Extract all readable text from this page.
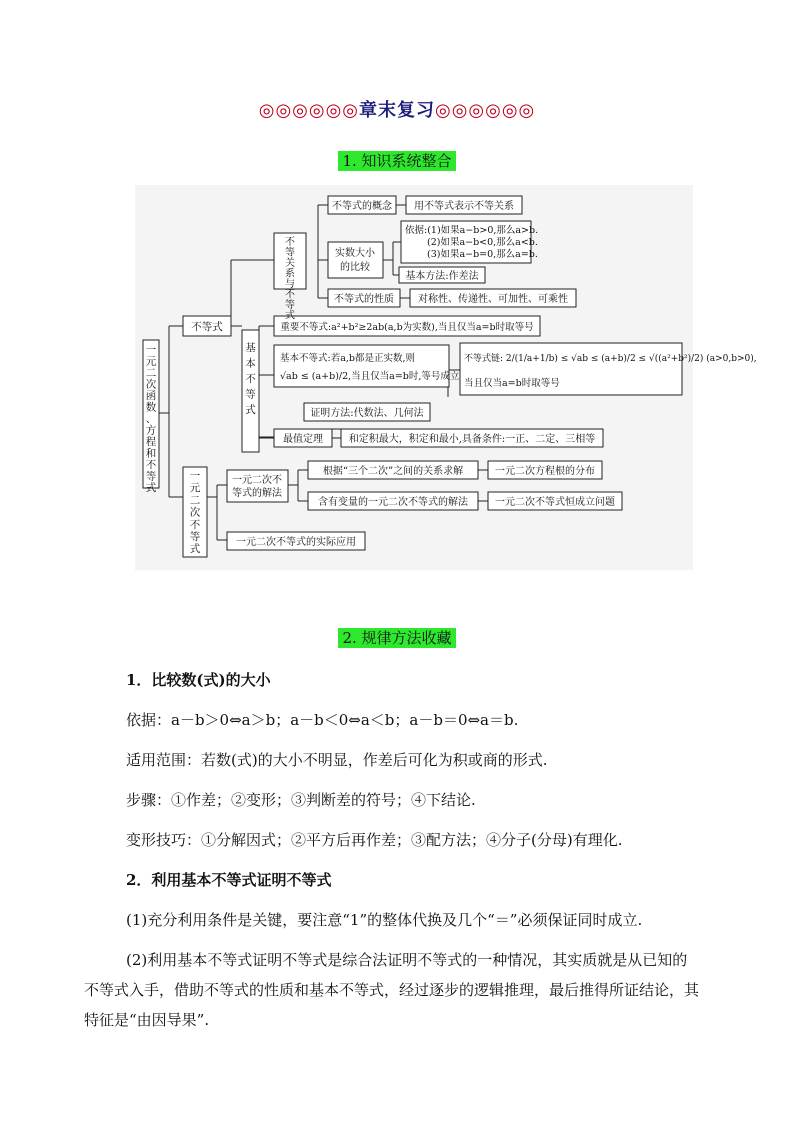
◎◎◎◎◎◎章末复习◎◎◎◎◎◎
1. 知识系统整合
一元二次函数、方程和不等式
不等关系与不等式
基本不等式
一元二次不等式
不等式
不等式的概念 用不等式表示不等关系
实数大小
的比较
依据:(1)如果a−b>0,那么a>b.
(2)如果a−b<0,那么a<b.
(3)如果a−b=0,那么a=b.
基本方法:作差法
不等式的性质 对称性、传递性、可加性、可乘性
重要不等式:a²+b²≥2ab(a,b为实数),当且仅当a=b时取等号
基本不等式:若a,b都是正实数,则
√ab ≤ (a+b)/2,当且仅当a=b时,等号成立
不等式链: 2/(1/a+1/b) ≤ √ab ≤ (a+b)/2 ≤ √((a²+b²)/2) (a>0,b>0),
当且仅当a=b时取等号
证明方法:代数法、几何法
最值定理	和定积最大，积定和最小,具备条件:一正、二定、三相等
一元二次不
等式的解法
根据“三个二次”之间的关系求解	一元二次方程根的分布
含有变量的一元二次不等式的解法	一元二次不等式恒成立问题
一元二次不等式的实际应用
2. 规律方法收藏
1．比较数(式)的大小
依据：a－b＞0⇔a＞b；a－b＜0⇔a＜b；a－b＝0⇔a＝b.
适用范围：若数(式)的大小不明显，作差后可化为积或商的形式.
步骤：①作差；②变形；③判断差的符号；④下结论.
变形技巧：①分解因式；②平方后再作差；③配方法；④分子(分母)有理化.
2．利用基本不等式证明不等式
(1)充分利用条件是关键，要注意“1”的整体代换及几个“＝”必须保证同时成立.
(2)利用基本不等式证明不等式是综合法证明不等式的一种情况，其实质就是从已知的不等式入手，借助不等式的性质和基本不等式，经过逐步的逻辑推理，最后推得所证结论，其特征是“由因导果”.
